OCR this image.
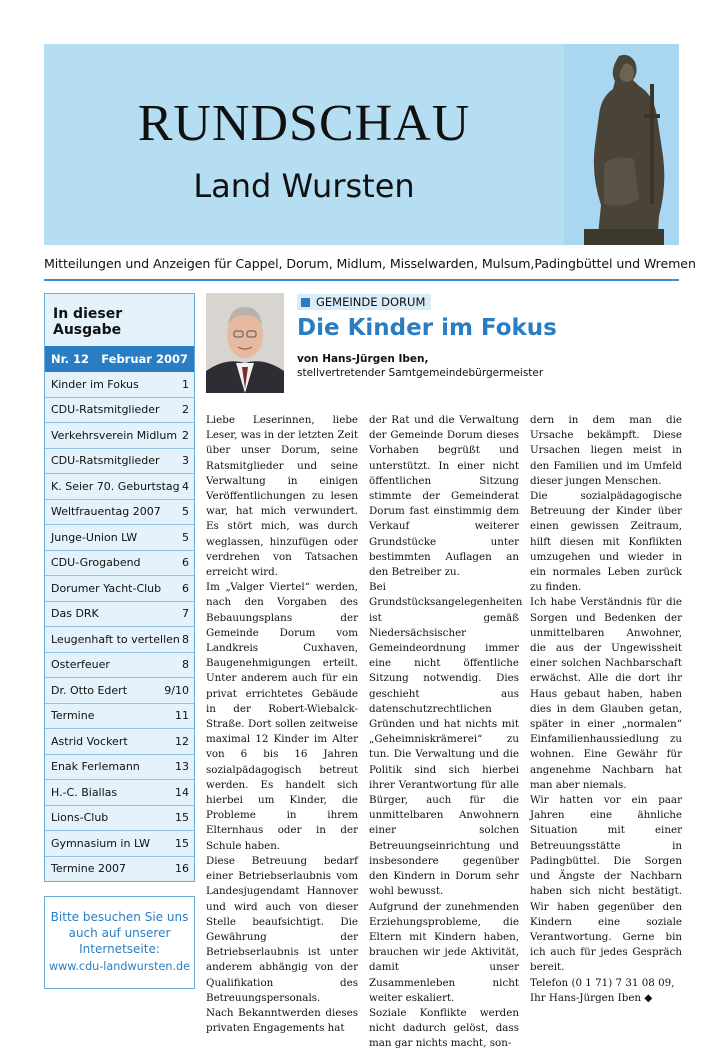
RUNDSCHAU
Land Wursten
Mitteilungen und Anzeigen für Cappel, Dorum, Midlum, Misselwarden, Mulsum,Padingbüttel und Wremen
In dieser Ausgabe
Nr. 12 Februar 2007
Kinder im Fokus	1
CDU-Ratsmitglieder 2
Verkehrsverein Midlum 2
CDU-Ratsmitglieder 3
K. Seier 70. Geburtstag 4
Weltfrauentag 2007 5
Junge-Union LW	5
CDU-Grogabend	6
Dorumer Yacht-Club 6
Das DRK	7
Leugenhaft to vertellen 8
Osterfeuer	8
Dr. Otto Edert	9/10
Termine	11
Astrid Vockert	12
Enak Ferlemann	13
H.-C. Biallas	14
Lions-Club	15
Gymnasium in LW 15
Termine 2007	16
Bitte besuchen Sie uns auch auf unserer Internetseite:
www.cdu-landwursten.de
GEMEINDE DORUM
Die Kinder im Fokus
von Hans-Jürgen Iben,
stellvertretender Samtgemeindebürgermeister

Liebe Leserinnen, liebe Leser, was in der letzten Zeit über unser Dorum, seine Ratsmitglieder und seine Verwaltung in einigen Veröffentlichungen zu lesen war, hat mich verwundert. Es stört mich, was durch weglassen, hinzufügen oder verdrehen von Tatsachen erreicht wird.

Im „Valger Viertel“ werden, nach den Vorgaben des Bebauungsplans der Gemeinde Dorum vom Landkreis Cuxhaven, Baugenehmigungen erteilt. Unter anderem auch für ein privat errichtetes Gebäude in der Robert-Wiebalck-Straße. Dort sollen zeitweise maximal 12 Kinder im Alter von 6 bis 16 Jahren sozialpädagogisch betreut werden. Es handelt sich hierbei um Kinder, die Probleme in ihrem Elternhaus oder in der Schule haben.

Diese Betreuung bedarf einer Betriebserlaubnis vom Landesjugendamt Hannover und wird auch von dieser Stelle beaufsichtigt. Die Gewährung der Betriebserlaubnis ist unter anderem abhängig von der Qualifikation des Betreuungspersonals.

Nach Bekanntwerden dieses privaten Engagements hat

der Rat und die Verwaltung der Gemeinde Dorum dieses Vorhaben begrüßt und unterstützt. In einer nicht öffentlichen Sitzung stimmte der Gemeinderat Dorum fast einstimmig dem Verkauf weiterer Grundstücke unter bestimmten Auflagen an den Betreiber zu.

Bei Grundstücksangelegenheiten ist gemäß Niedersächsischer Gemeindeordnung immer eine nicht öffentliche Sitzung notwendig. Dies geschieht aus datenschutzrechtlichen Gründen und hat nichts mit „Geheimniskrämerei“ zu tun. Die Verwaltung und die Politik sind sich hierbei ihrer Verantwortung für alle Bürger, auch für die unmittelbaren Anwohnern einer solchen Betreuungseinrichtung und insbesondere gegenüber den Kindern in Dorum sehr wohl bewusst.

Aufgrund der zunehmenden Erziehungsprobleme, die Eltern mit Kindern haben, brauchen wir jede Aktivität, damit unser Zusammenleben nicht weiter eskaliert.

Soziale Konflikte werden nicht dadurch gelöst, dass man gar nichts macht, son-

dern in dem man die Ursache bekämpft. Diese Ursachen liegen meist in den Familien und im Umfeld dieser jungen Menschen.

Die sozialpädagogische Betreuung der Kinder über einen gewissen Zeitraum, hilft diesen mit Konflikten umzugehen und wieder in ein normales Leben zurück zu finden.

Ich habe Verständnis für die Sorgen und Bedenken der unmittelbaren Anwohner, die aus der Ungewissheit einer solchen Nachbarschaft erwächst. Alle die dort ihr Haus gebaut haben, haben dies in dem Glauben getan, später in einer „normalen“ Einfamilienhaussiedlung zu wohnen. Eine Gewähr für angenehme Nachbarn hat man aber niemals.

Wir hatten vor ein paar Jahren eine ähnliche Situation mit einer Betreuungsstätte in Padingbüttel. Die Sorgen und Ängste der Nachbarn haben sich nicht bestätigt. Wir haben gegenüber den Kindern eine soziale Verantwortung. Gerne bin ich auch für jedes Gespräch bereit.

Telefon (0 1 71) 7 31 08 09,

Ihr Hans-Jürgen Iben ◆
